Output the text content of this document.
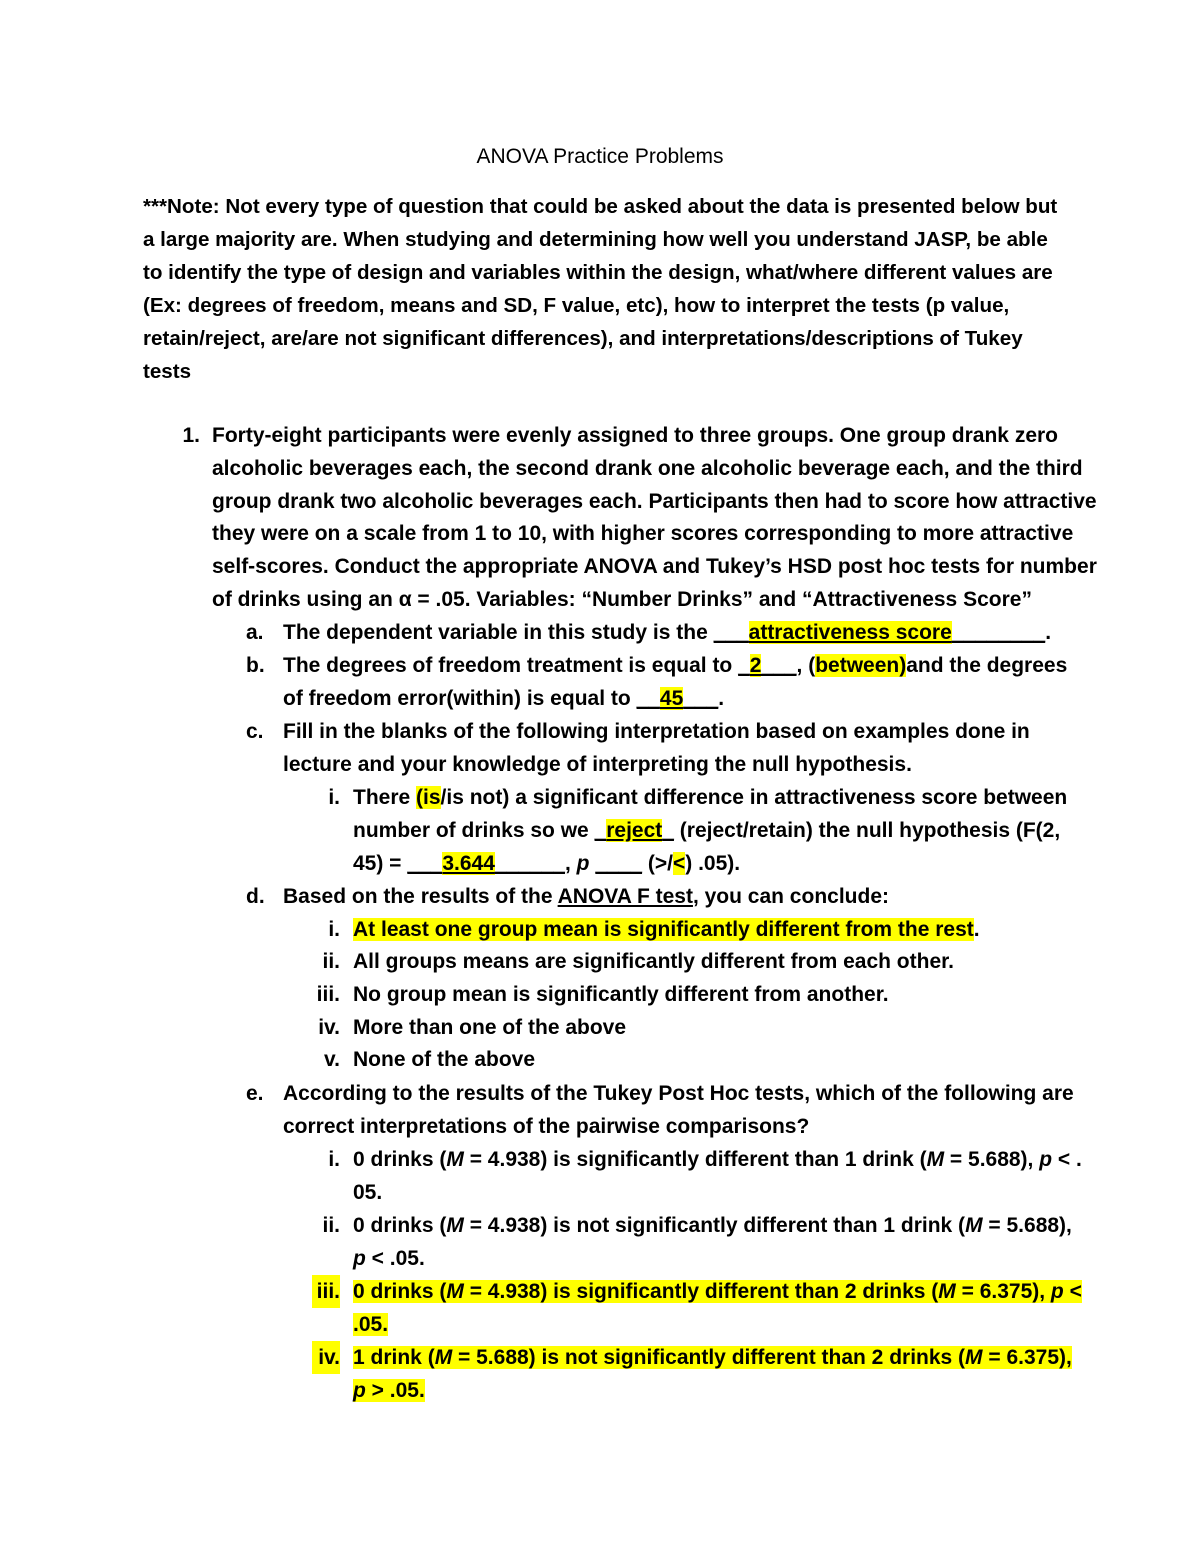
ANOVA Practice Problems
***Note: Not every type of question that could be asked about the data is presented below but a large majority are. When studying and determining how well you understand JASP, be able to identify the type of design and variables within the design, what/where different values are (Ex: degrees of freedom, means and SD, F value, etc), how to interpret the tests (p value, retain/reject, are/are not significant differences), and interpretations/descriptions of Tukey tests
1. Forty-eight participants were evenly assigned to three groups. One group drank zero
alcoholic beverages each, the second drank one alcoholic beverage each, and the third
group drank two alcoholic beverages each. Participants then had to score how attractive
they were on a scale from 1 to 10, with higher scores corresponding to more attractive
self-scores. Conduct the appropriate ANOVA and Tukey’s HSD post hoc tests for number
of drinks using an α = .05. Variables: “Number Drinks” and “Attractiveness Score”
a. The dependent variable in this study is the ___attractiveness score________.
b. The degrees of freedom treatment is equal to _2___, (between)and the degrees
of freedom error(within) is equal to __45___.
c. Fill in the blanks of the following interpretation based on examples done in
lecture and your knowledge of interpreting the null hypothesis.
i. There (is/is not) a significant difference in attractiveness score between
number of drinks so we _reject_ (reject/retain) the null hypothesis (F(2,
45) = ___3.644______, p ____ (>/<) .05).
d. Based on the results of the ANOVA F test, you can conclude:
i. At least one group mean is significantly different from the rest.
ii. All groups means are significantly different from each other.
iii. No group mean is significantly different from another.
iv. More than one of the above
v. None of the above
e. According to the results of the Tukey Post Hoc tests, which of the following are
correct interpretations of the pairwise comparisons?
i. 0 drinks (M = 4.938) is significantly different than 1 drink (M = 5.688), p < .
05.
ii. 0 drinks (M = 4.938) is not significantly different than 1 drink (M = 5.688),
p < .05.
iii. 0 drinks (M = 4.938) is significantly different than 2 drinks (M = 6.375), p <
.05.
iv. 1 drink (M = 5.688) is not significantly different than 2 drinks (M = 6.375),
p > .05.
